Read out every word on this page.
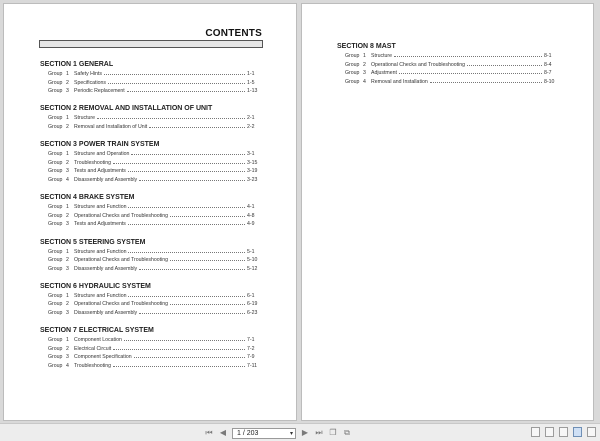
CONTENTS
SECTION 1 GENERAL
Group 1 Safety Hints	1-1
Group 2 Specifications	1-5
Group 3 Periodic Replacement	1-13
SECTION 2 REMOVAL AND INSTALLATION OF UNIT
Group 1 Structure	2-1
Group 2 Removal and Installation of Unit	2-2
SECTION 3 POWER TRAIN SYSTEM
Group 1 Structure and Operation	3-1
Group 2 Troubleshooting	3-15
Group 3 Tests and Adjustments	3-19
Group 4 Disassembly and Assembly	3-23
SECTION 4 BRAKE SYSTEM
Group 1 Structure and Function	4-1
Group 2 Operational Checks and Troubleshooting	4-8
Group 3 Tests and Adjustments	4-9
SECTION 5 STEERING SYSTEM
Group 1 Structure and Function	5-1
Group 2 Operational Checks and Troubleshooting	5-10
Group 3 Disassembly and Assembly	5-12
SECTION 6 HYDRAULIC SYSTEM
Group 1 Structure and Function	6-1
Group 2 Operational Checks and Troubleshooting	6-19
Group 3 Disassembly and Assembly	6-23
SECTION 7 ELECTRICAL SYSTEM
Group 1 Component Location	7-1
Group 2 Electrical Circuit	7-2
Group 3 Component Specification	7-9
Group 4 Troubleshooting	7-11
SECTION 8 MAST
Group 1 Structure	8-1
Group 2 Operational Checks and Troubleshooting	8-4
Group 3 Adjustment	8-7
Group 4 Removal and Installation	8-10
⏮ ◀ 1 / 203	▾ ▶ ⏭ ❐ ⧉
